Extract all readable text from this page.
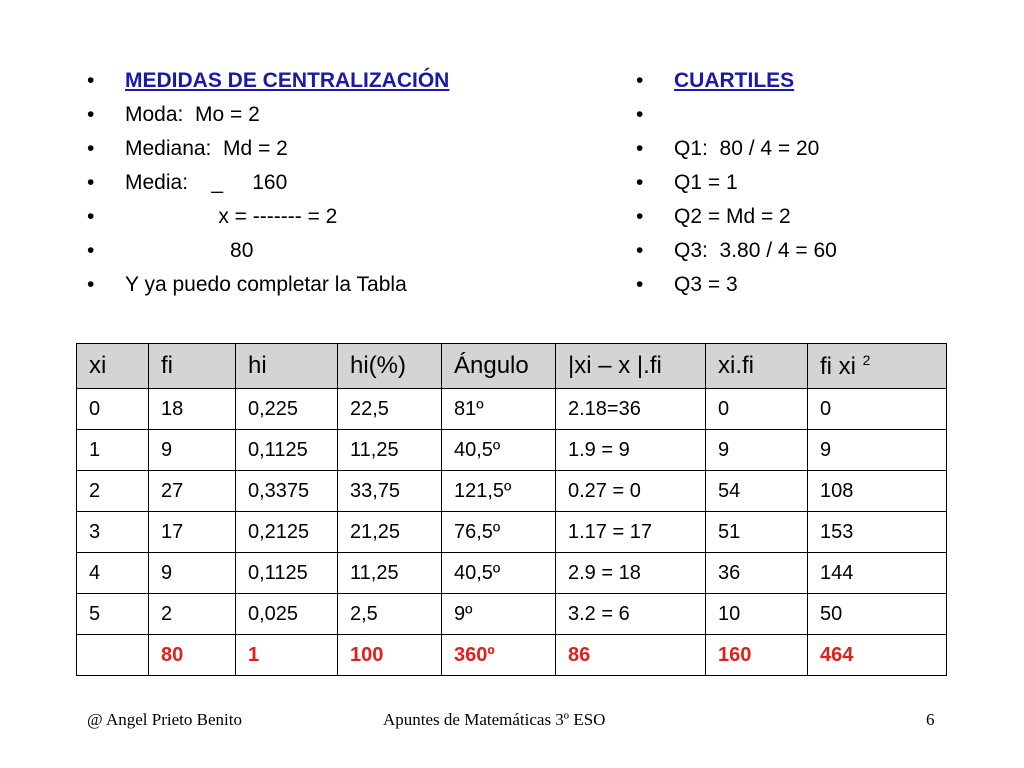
• MEDIDAS DE CENTRALIZACIÓN
• Moda:  Mo = 2
• Mediana:  Md = 2
• Media:    _     160
• x = ------- = 2
• 80
• Y ya puedo completar la Tabla
• CUARTILES
•
• Q1:  80 / 4 = 20
• Q1 = 1
• Q2 = Md = 2
• Q3:  3.80 / 4 = 60
• Q3 = 3
xi	fi	hi	hi(%)	Ángulo	|xi – x |.fi	xi.fi	fi xi $^2$
0	18	0,225	22,5	81º	2.18=36	0	0
1	9	0,1125	11,25	40,5º	1.9 = 9	9	9
2	27	0,3375	33,75	121,5º	0.27 = 0	54	108
3	17	0,2125	21,25	76,5º	1.17 = 17	51	153
4	9	0,1125	11,25	40,5º	2.9 = 18	36	144
5	2	0,025	2,5	9º	3.2 = 6	10	50
	80	1	100	360º	86	160	464
@ Angel Prieto Benito	Apuntes de Matemáticas 3º ESO	6
